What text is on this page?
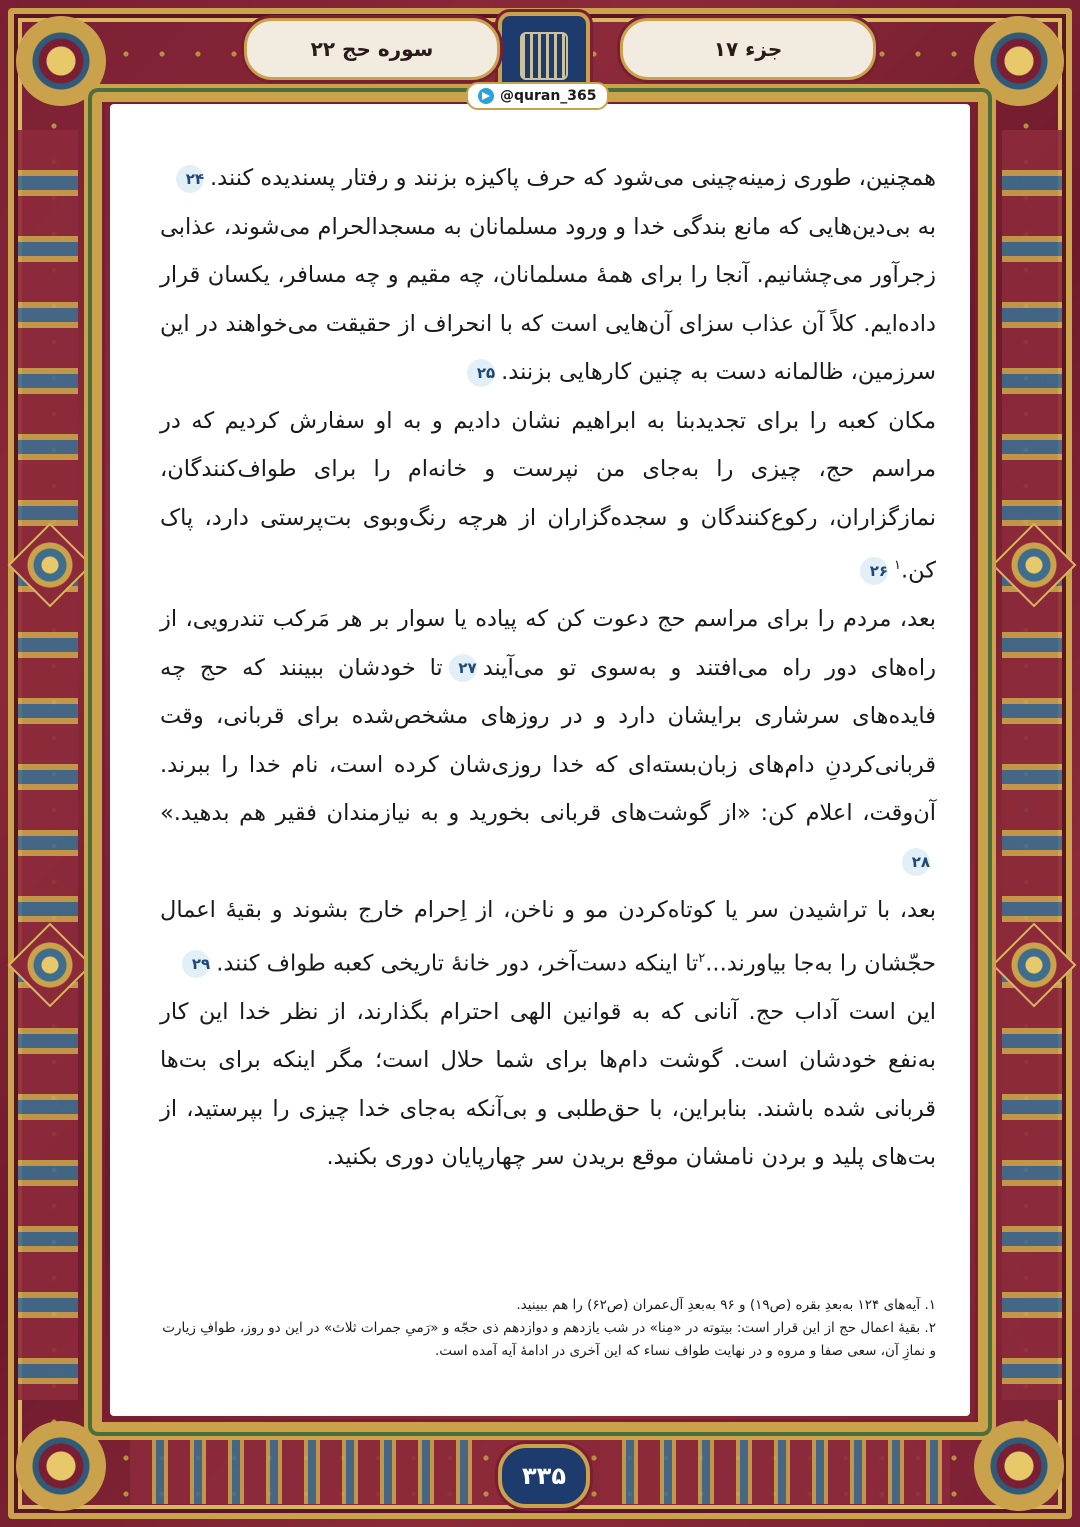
جزء ۱۷
سوره حج ۲۲

همچنین، طوری زمینه‌چینی می‌شود که حرف پاکیزه بزنند و رفتار پسندیده کنند.۲۴

به بی‌دین‌هایی که مانع بندگی خدا و ورود مسلمانان به مسجدالحرام می‌شوند، عذابی زجرآور می‌چشانیم. آنجا را برای همهٔ مسلمانان، چه مقیم و چه مسافر، یکسان قرار داده‌ایم. کلاً آن عذاب سزای آن‌هایی است که با انحراف از حقیقت می‌خواهند در این سرزمین، ظالمانه دست به چنین کارهایی بزنند.۲۵

مکان کعبه را برای تجدیدبنا به ابراهیم نشان دادیم و به او سفارش کردیم که در مراسم حج، چیزی را به‌جای من نپرست و خانه‌ام را برای طواف‌کنندگان، نمازگزاران، رکوع‌کنندگان و سجده‌گزاران از هرچه رنگ‌وبوی بت‌پرستی دارد، پاک کن.$^۱$۲۶

بعد، مردم را برای مراسم حج دعوت کن که پیاده یا سوار بر هر مَرکب تندرویی، از راه‌های دور راه می‌افتند و به‌سوی تو می‌آیند۲۷تا خودشان ببینند که حج چه فایده‌های سرشاری برایشان دارد و در روزهای مشخص‌شده برای قربانی، وقت قربانی‌کردنِ دام‌های زبان‌بسته‌ای که خدا روزی‌شان کرده است، نام خدا را ببرند. آن‌وقت، اعلام کن: «از گوشت‌های قربانی بخورید و به نیازمندان فقیر هم بدهید.»۲۸

بعد، با تراشیدن سر یا کوتاه‌کردن مو و ناخن، از اِحرام خارج بشوند و بقیهٔ اعمال حجّشان را به‌جا بیاورند...$^۲$تا اینکه دست‌آخر، دور خانهٔ تاریخی کعبه طواف کنند.۲۹

این است آداب حج. آنانی که به قوانین الهی احترام بگذارند، از نظر خدا این کار به‌نفع خودشان است. گوشت دام‌ها برای شما حلال است؛ مگر اینکه برای بت‌ها قربانی شده باشند. بنابراین، با حق‌طلبی و بی‌آنکه به‌جای خدا چیزی را بپرستید، از بت‌های پلید و بردن نامشان موقع بریدن سر چهارپایان دوری بکنید.

۱. آیه‌های ۱۲۴ به‌بعدِ بقره (ص۱۹) و ۹۶ به‌بعدِ آل‌عمران (ص۶۲) را هم ببینید.

۲. بقیهٔ اعمال حج از این قرار است: بیتوته در «مِنا» در شب یازدهم و دوازدهم ذی حجّه و «رَمیِ جمرات ثلاث» در این دو روز، طوافِ زیارت و نمازِ آن، سعی صفا و مروه و در نهایت طواف نساء که این آخری در ادامهٔ آیه آمده است.

@quran_365
۳۳۵
